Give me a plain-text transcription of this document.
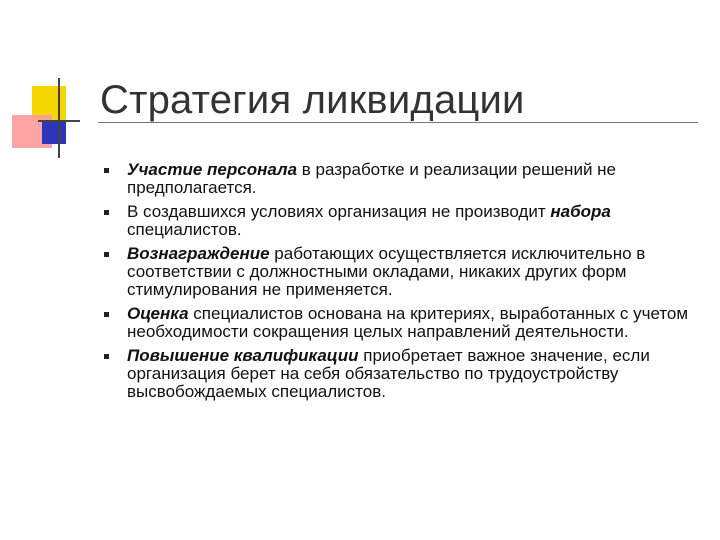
Стратегия ликвидации
Участие персонала в разработке и реализации решений не предполагается.
В создавшихся условиях организация не производит набора специалистов.
Вознаграждение работающих осуществляется исключительно в соответствии с должностными окладами, никаких других форм стимулирования не применяется.
Оценка специалистов основана на критериях, выработанных с учетом необходимости сокращения целых направлений деятельности.
Повышение квалификации приобретает важное значение, если организация берет на себя обязательство по трудоустройству высвобождаемых специалистов.
